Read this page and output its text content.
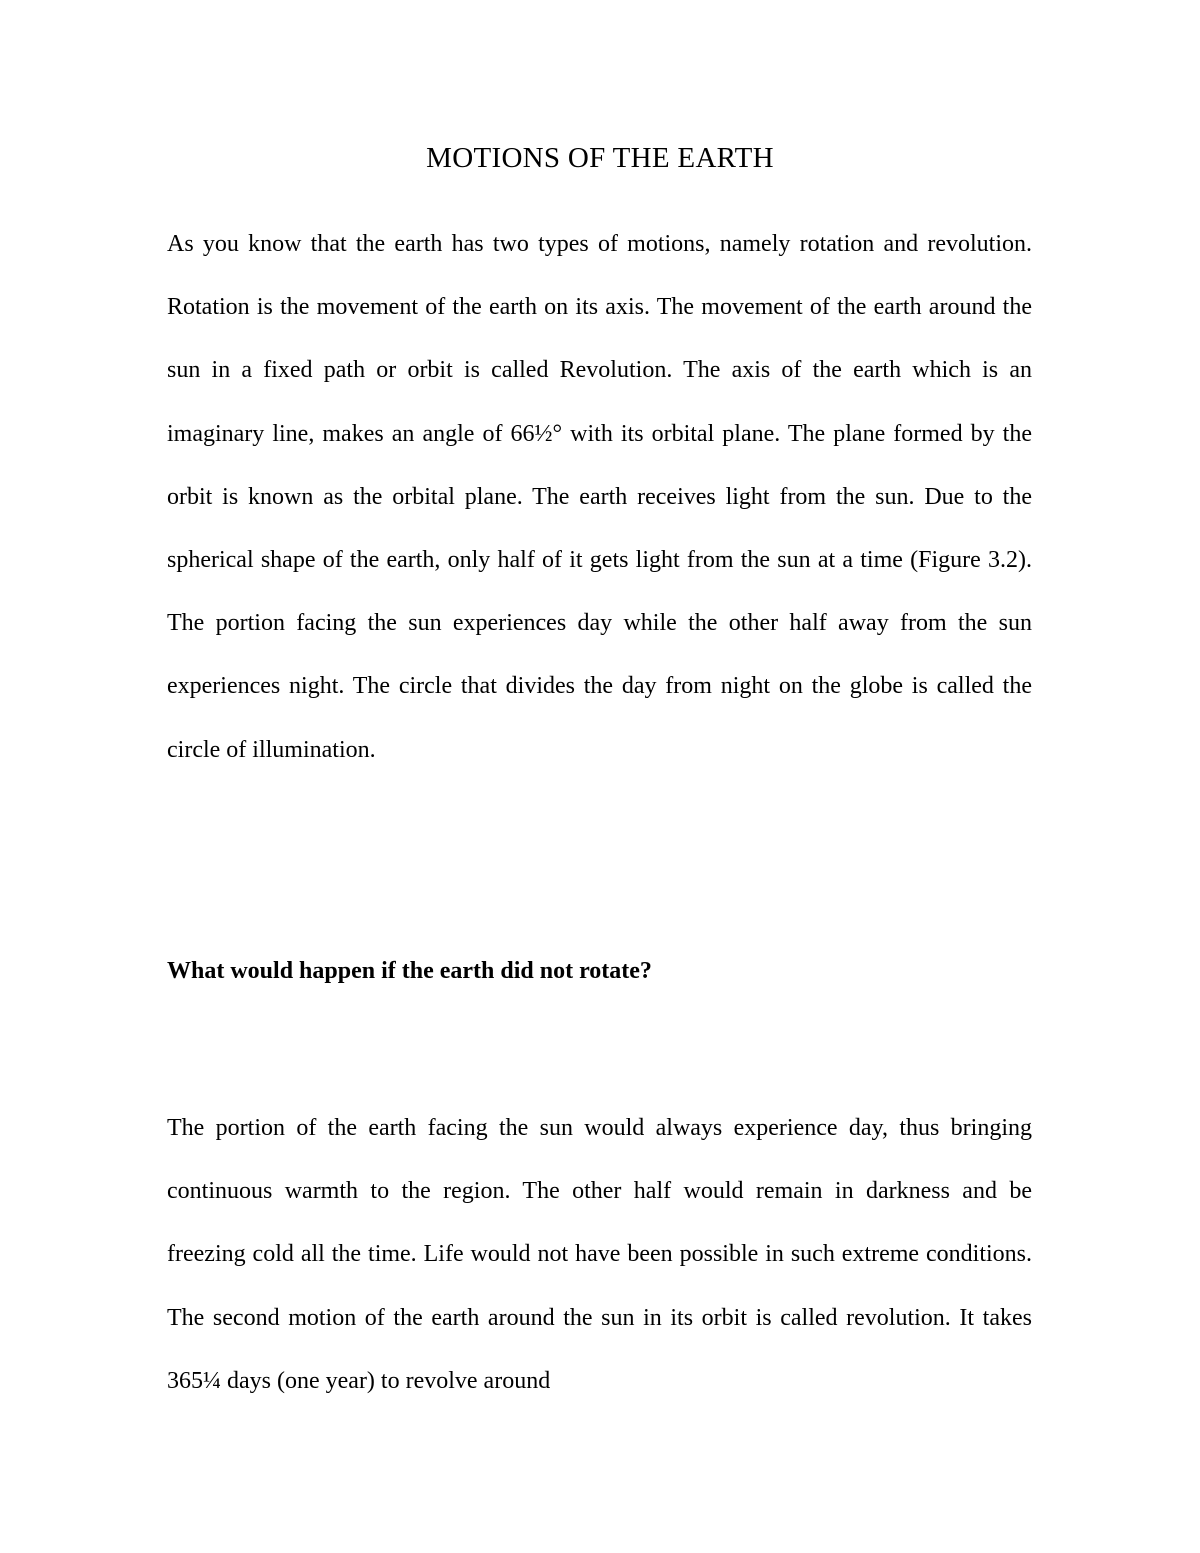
MOTIONS OF THE EARTH

As you know that the earth has two types of motions, namely rotation and revolution. Rotation is the movement of the earth on its axis. The movement of the earth around the sun in a fixed path or orbit is called Revolution. The axis of the earth which is an imaginary line, makes an angle of 66½° with its orbital plane. The plane formed by the orbit is known as the orbital plane. The earth receives light from the sun. Due to the spherical shape of the earth, only half of it gets light from the sun at a time (Figure 3.2). The portion facing the sun experiences day while the other half away from the sun experiences night. The circle that divides the day from night on the globe is called the circle of illumination.

What would happen if the earth did not rotate?

The portion of the earth facing the sun would always experience day, thus bringing continuous warmth to the region. The other half would remain in darkness and be freezing cold all the time. Life would not have been possible in such extreme conditions. The second motion of the earth around the sun in its orbit is called revolution. It takes 365¼ days (one year) to revolve around
